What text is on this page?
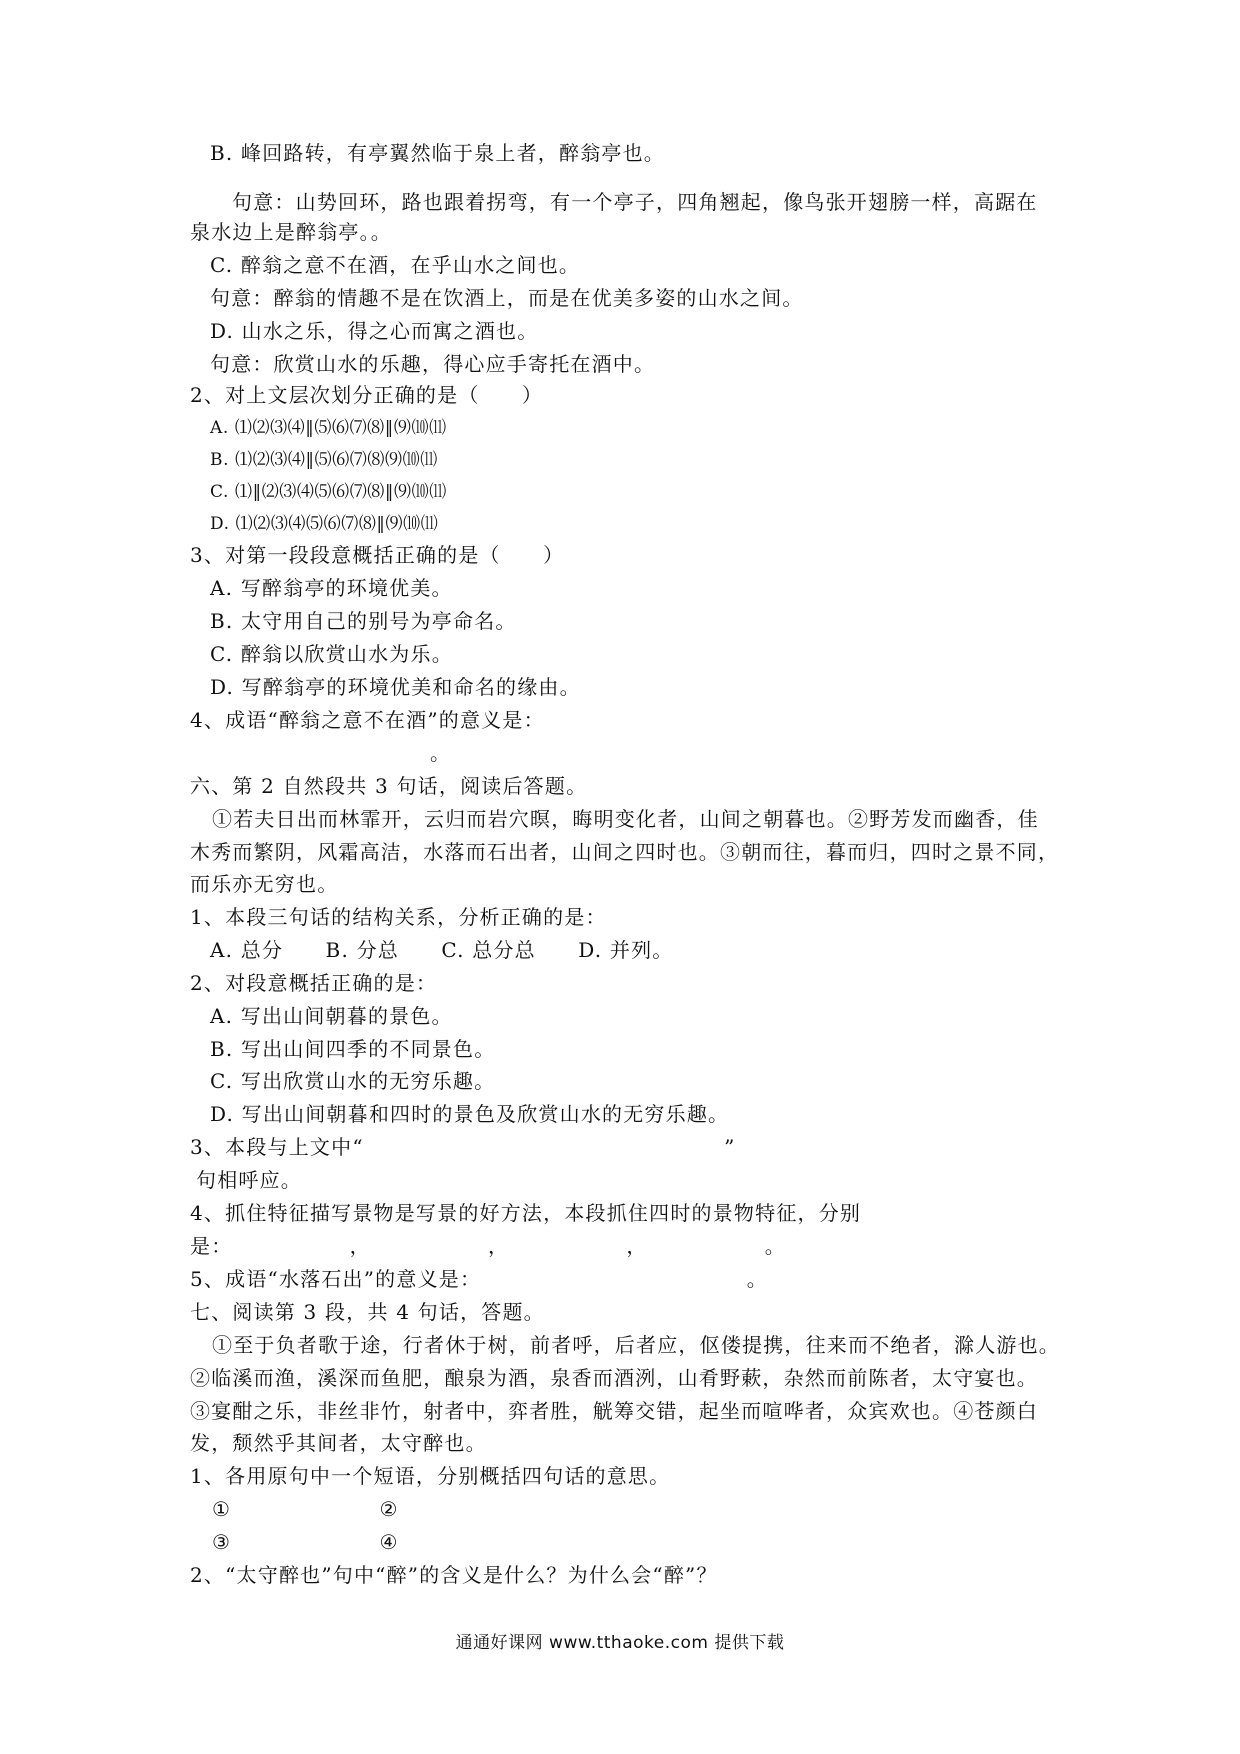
B. 峰回路转，有亭翼然临于泉上者，醉翁亭也。
句意：山势回环，路也跟着拐弯，有一个亭子，四角翘起，像鸟张开翅膀一样，高踞在
泉水边上是醉翁亭。。
C. 醉翁之意不在酒，在乎山水之间也。
句意：醉翁的情趣不是在饮酒上，而是在优美多姿的山水之间。
D. 山水之乐，得之心而寓之酒也。
句意：欣赏山水的乐趣，得心应手寄托在酒中。
2、对上文层次划分正确的是（　　）
A. ⑴⑵⑶⑷‖⑸⑹⑺⑻‖⑼⑽⑾
B. ⑴⑵⑶⑷‖⑸⑹⑺⑻⑼⑽⑾
C. ⑴‖⑵⑶⑷⑸⑹⑺⑻‖⑼⑽⑾
D. ⑴⑵⑶⑷⑸⑹⑺⑻‖⑼⑽⑾
3、对第一段段意概括正确的是（　　）
A. 写醉翁亭的环境优美。
B. 太守用自己的别号为亭命名。
C. 醉翁以欣赏山水为乐。
D. 写醉翁亭的环境优美和命名的缘由。
4、成语“醉翁之意不在酒”的意义是：
。
六、第 2 自然段共 3 句话，阅读后答题。
①若夫日出而林霏开，云归而岩穴暝，晦明变化者，山间之朝暮也。②野芳发而幽香，佳
木秀而繁阴，风霜高洁，水落而石出者，山间之四时也。③朝而往，暮而归，四时之景不同，
而乐亦无穷也。
1、本段三句话的结构关系，分析正确的是：
A. 总分　　B. 分总　　C. 总分总　　D. 并列。
2、对段意概括正确的是：
A. 写出山间朝暮的景色。
B. 写出山间四季的不同景色。
C. 写出欣赏山水的无穷乐趣。
D. 写出山间朝暮和四时的景色及欣赏山水的无穷乐趣。
3、本段与上文中“　　　　　　　　　　　　　　　　　”
句相呼应。
4、抓住特征描写景物是写景的好方法，本段抓住四时的景物特征，分别
是：　　　　　　，　　　　　　，　　　　　　，　　　　　　。
5、成语“水落石出”的意义是：　　　　　　　　　　　　　。
七、阅读第 3 段，共 4 句话，答题。
①至于负者歌于途，行者休于树，前者呼，后者应，伛偻提携，往来而不绝者，滁人游也。
②临溪而渔，溪深而鱼肥，酿泉为酒，泉香而酒洌，山肴野蔌，杂然而前陈者，太守宴也。
③宴酣之乐，非丝非竹，射者中，弈者胜，觥筹交错，起坐而喧哗者，众宾欢也。④苍颜白
发，颓然乎其间者，太守醉也。
1、各用原句中一个短语，分别概括四句话的意思。
①　　　　　　　②
③　　　　　　　④
2、“太守醉也”句中“醉”的含义是什么？为什么会“醉”？
通通好课网 www.tthaoke.com 提供下载
